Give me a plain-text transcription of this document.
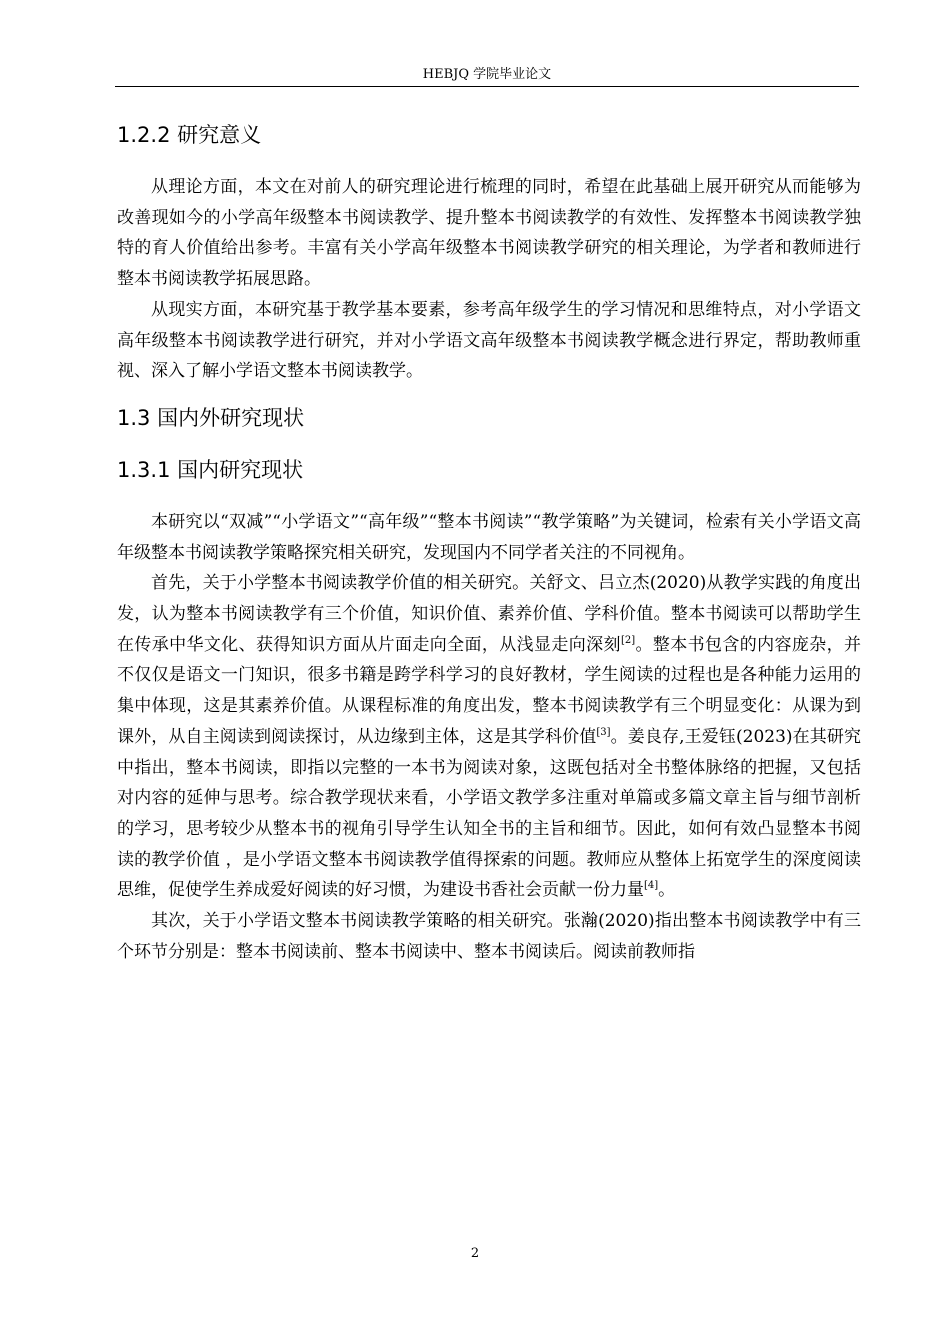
HEBJQ 学院毕业论文
1.2.2 研究意义

从理论方面，本文在对前人的研究理论进行梳理的同时，希望在此基础上展开研究从而能够为改善现如今的小学高年级整本书阅读教学、提升整本书阅读教学的有效性、发挥整本书阅读教学独特的育人价值给出参考。丰富有关小学高年级整本书阅读教学研究的相关理论，为学者和教师进行整本书阅读教学拓展思路。

从现实方面，本研究基于教学基本要素，参考高年级学生的学习情况和思维特点，对小学语文高年级整本书阅读教学进行研究，并对小学语文高年级整本书阅读教学概念进行界定，帮助教师重视、深入了解小学语文整本书阅读教学。

1.3 国内外研究现状
1.3.1 国内研究现状

本研究以“双减”“小学语文”“高年级”“整本书阅读”“教学策略”为关键词，检索有关小学语文高年级整本书阅读教学策略探究相关研究，发现国内不同学者关注的不同视角。

首先，关于小学整本书阅读教学价值的相关研究。关舒文、吕立杰(2020)从教学实践的角度出发，认为整本书阅读教学有三个价值，知识价值、素养价值、学科价值。整本书阅读可以帮助学生在传承中华文化、获得知识方面从片面走向全面，从浅显走向深刻[2]。整本书包含的内容庞杂，并不仅仅是语文一门知识，很多书籍是跨学科学习的良好教材，学生阅读的过程也是各种能力运用的集中体现，这是其素养价值。从课程标准的角度出发，整本书阅读教学有三个明显变化：从课为到课外，从自主阅读到阅读探讨，从边缘到主体，这是其学科价值[3]。姜良存,王爱钰(2023)在其研究中指出，整本书阅读，即指以完整的一本书为阅读对象，这既包括对全书整体脉络的把握，又包括对内容的延伸与思考。综合教学现状来看，小学语文教学多注重对单篇或多篇文章主旨与细节剖析的学习，思考较少从整本书的视角引导学生认知全书的主旨和细节。因此，如何有效凸显整本书阅读的教学价值 ，是小学语文整本书阅读教学值得探索的问题。教师应从整体上拓宽学生的深度阅读思维，促使学生养成爱好阅读的好习惯，为建设书香社会贡献一份力量[4]。

其次，关于小学语文整本书阅读教学策略的相关研究。张瀚(2020)指出整本书阅读教学中有三个环节分别是：整本书阅读前、整本书阅读中、整本书阅读后。阅读前教师指

2
